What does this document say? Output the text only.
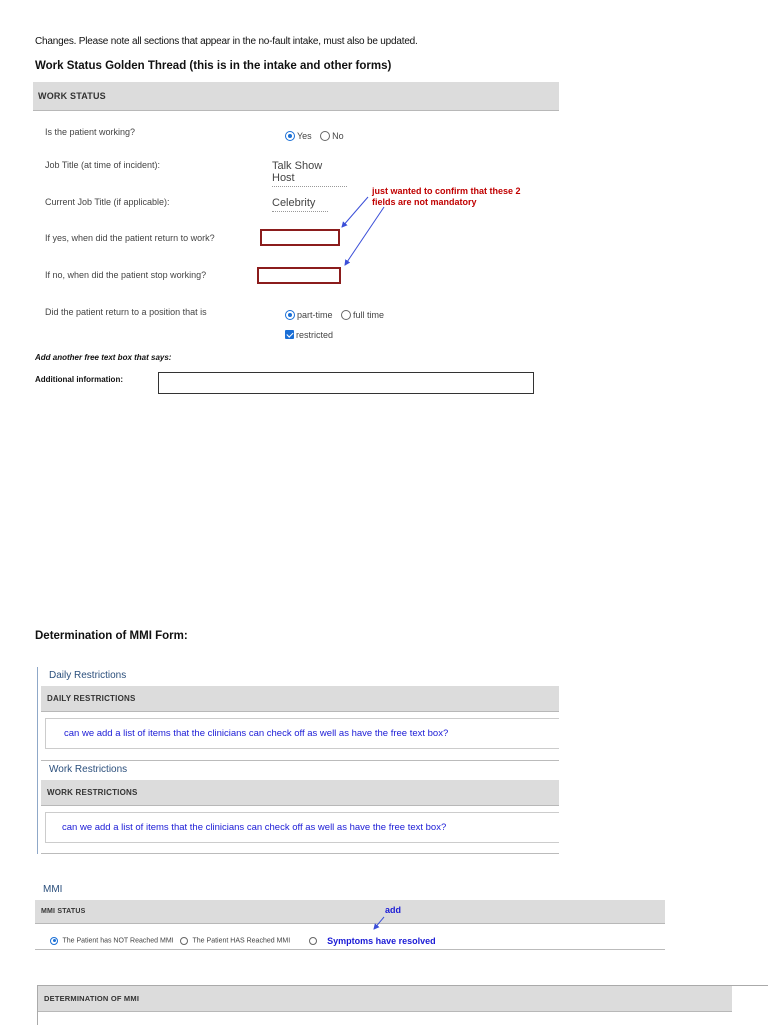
Changes. Please note all sections that appear in the no-fault intake, must also be updated.
Work Status Golden Thread (this is in the intake and other forms)
WORK STATUS
Is the patient working?	Yes No
Job Title (at time of incident):	Talk Show Host
Current Job Title (if applicable):	Celebrity
just wanted to confirm that these 2
fields are not mandatory
If yes, when did the patient return to work?
If no, when did the patient stop working?
Did the patient return to a position that is	part-time full time
restricted
Add another free text box that says:
Additional information:
Determination of MMI Form:
Daily Restrictions
DAILY RESTRICTIONS
can we add a list of items that the clinicians can check off as well as have the free text box?
Work Restrictions
WORK RESTRICTIONS
can we add a list of items that the clinicians can check off as well as have the free text box?
MMI
MMI STATUS	add
The Patient has NOT Reached MMI	The Patient HAS Reached MMI	Symptoms have resolved
DETERMINATION OF MMI
